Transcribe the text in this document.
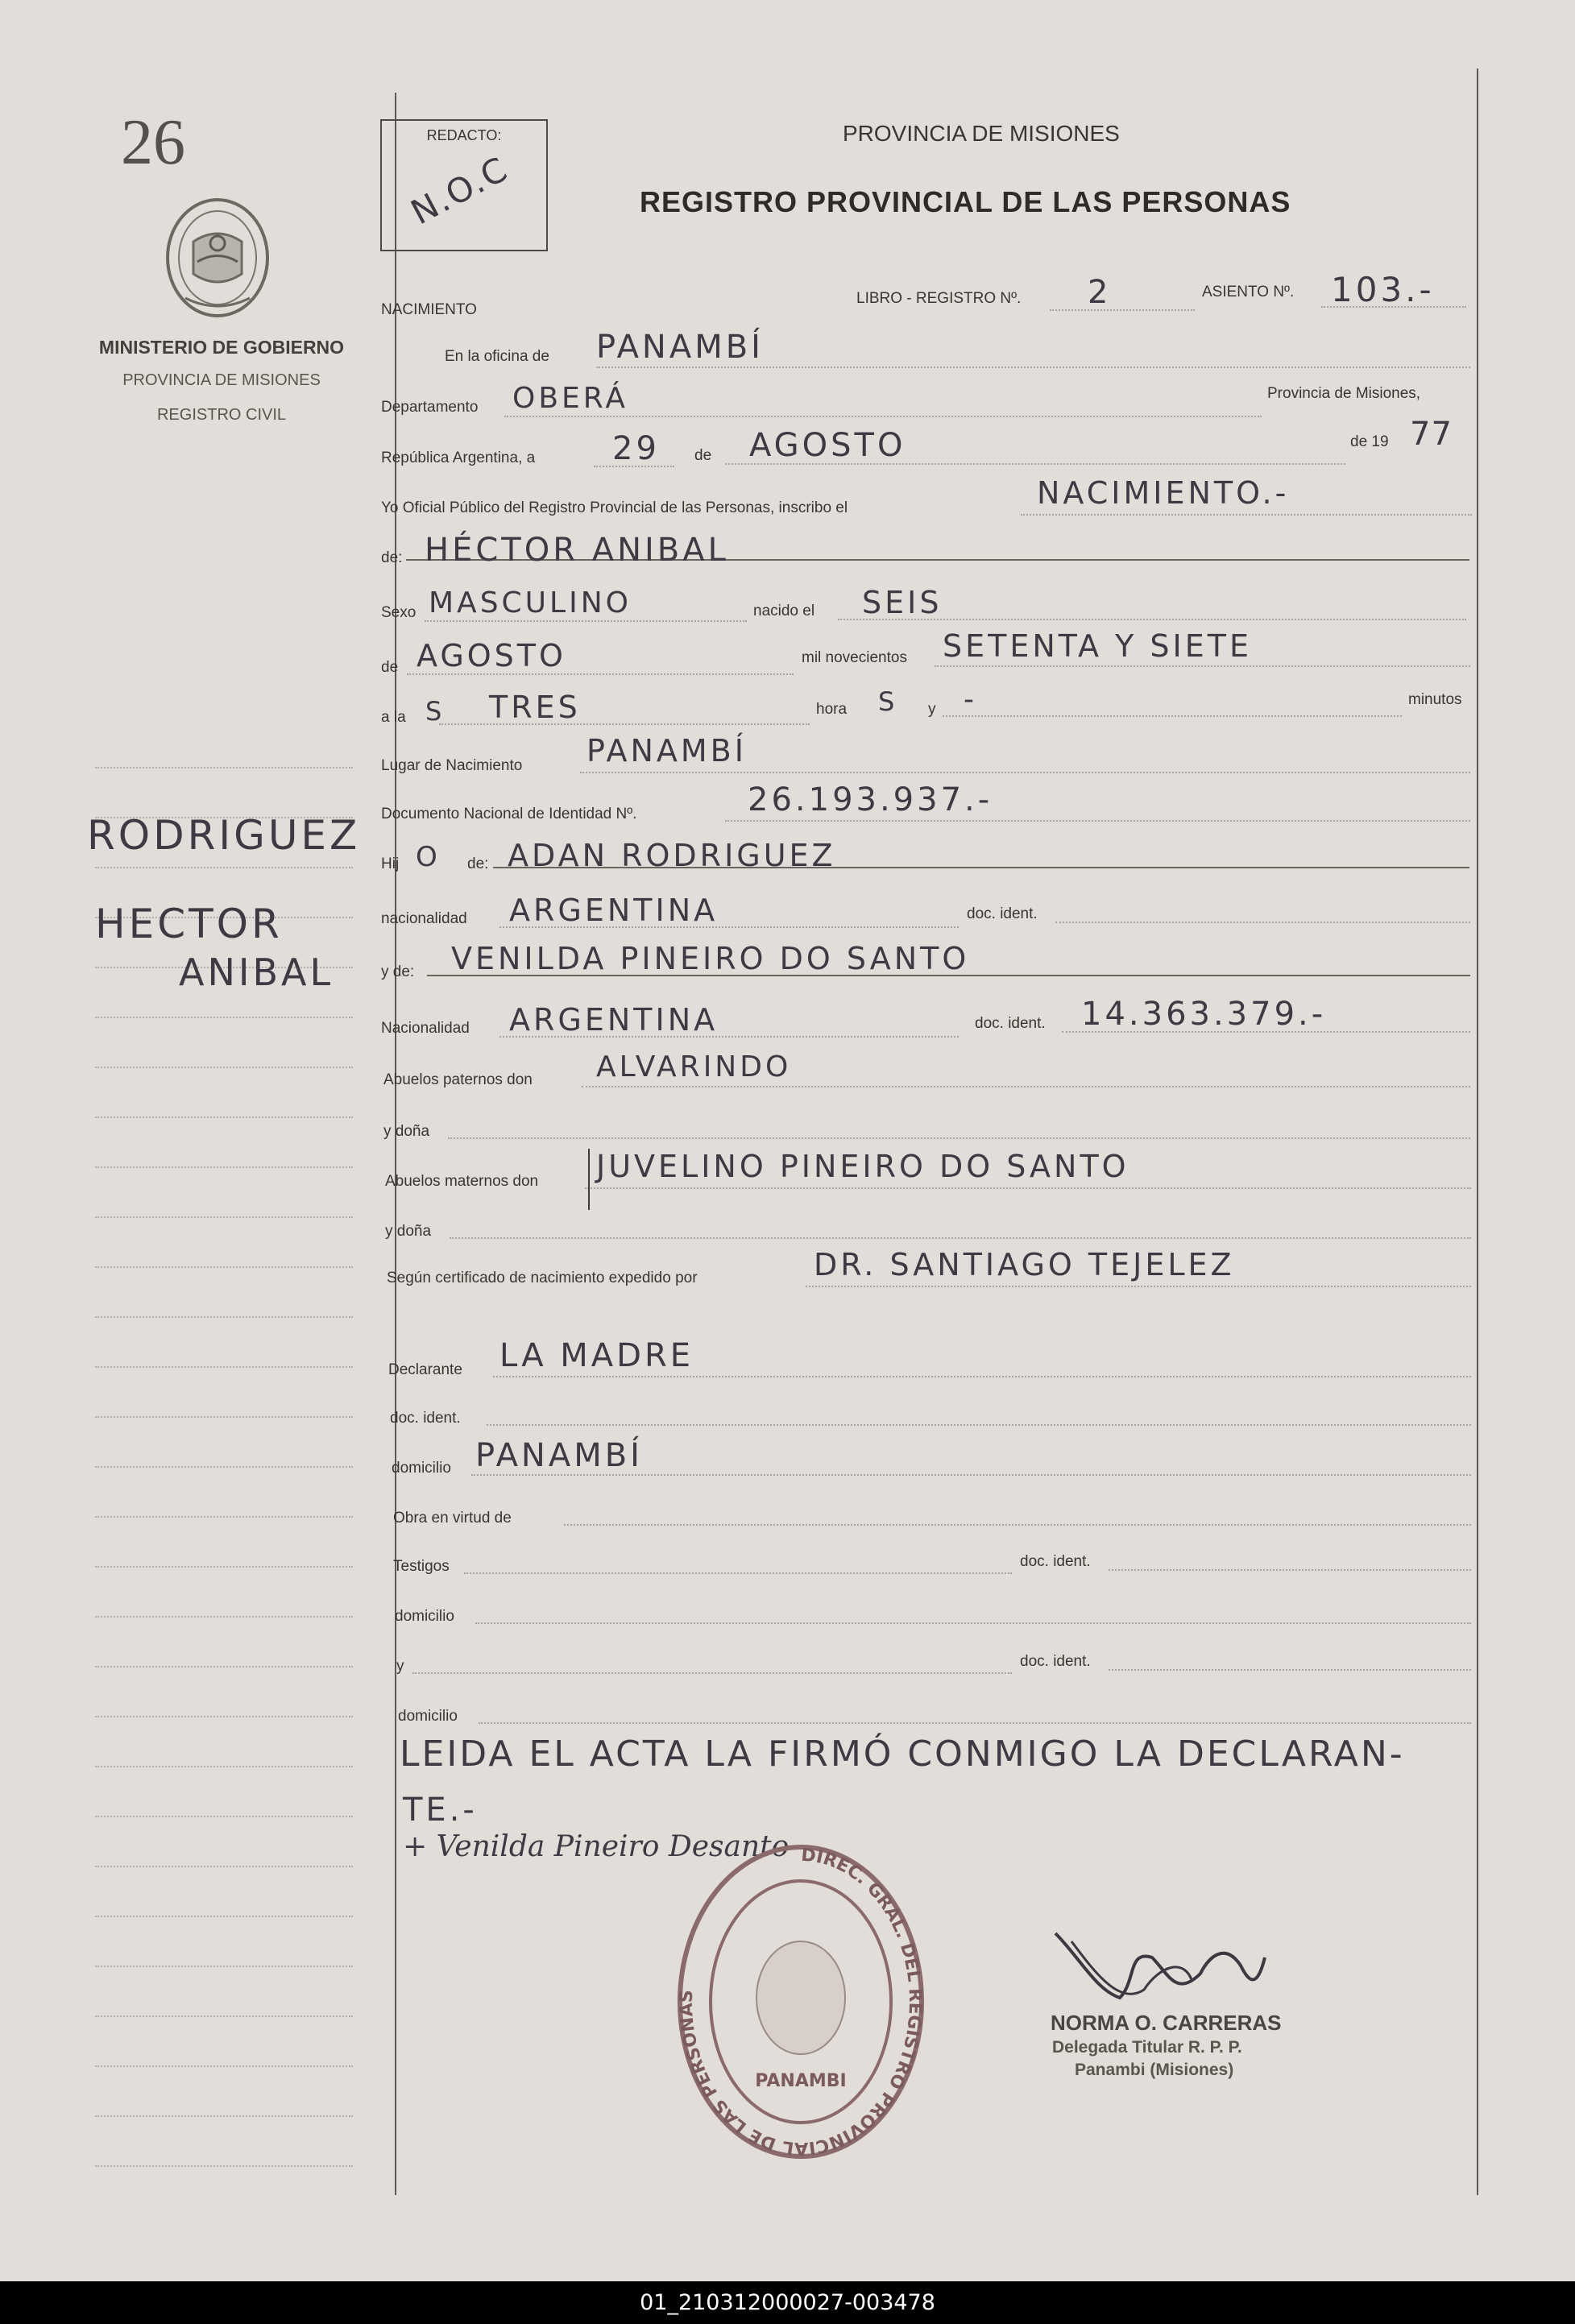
26
MINISTERIO DE GOBIERNO
PROVINCIA DE MISIONES
REGISTRO CIVIL
RODRIGUEZ
HECTOR
ANIBAL
REDACTO:
N.O.C
PROVINCIA DE MISIONES
REGISTRO PROVINCIAL DE LAS PERSONAS
NACIMIENTO
LIBRO - REGISTRO Nº. 2	ASIENTO Nº. 103.-
En la oficina de PANAMBÍ
Departamento OBERÁ	Provincia de Misiones,
República Argentina, a 29 de AGOSTO	de 19 77
Yo Oficial Público del Registro Provincial de las Personas, inscribo el	NACIMIENTO.-
de: HÉCTOR ANIBAL
Sexo MASCULINO	nacido el SEIS
de AGOSTO	mil novecientos SETENTA Y SIETE
a la S TRES	hora S y -	minutos
Lugar de Nacimiento PANAMBÍ
Documento Nacional de Identidad Nº.	26.193.937.-
Hij O de: ADAN RODRIGUEZ
nacionalidad ARGENTINA	doc. ident.
y de: VENILDA PINEIRO DO SANTO
Nacionalidad ARGENTINA	doc. ident. 14.363.379.-
Abuelos paternos don ALVARINDO
y doña
Abuelos maternos don JUVELINO PINEIRO DO SANTO
y doña
Según certificado de nacimiento expedido por	DR. SANTIAGO TEJELEZ
Declarante LA MADRE
doc. ident.
domicilio PANAMBÍ
Obra en virtud de
Testigos	doc. ident.
domicilio
y	doc. ident.
domicilio
LEIDA EL ACTA LA FIRMÓ CONMIGO LA DECLARAN-
TE.-
+ Venilda Pineiro Desanto DIREC. GRAL. DEL REGISTRO PROVINCIAL DE LAS PERSONAS
PANAMBI
NORMA O. CARRERAS
Delegada Titular R. P. P.
Panambi (Misiones)
01_210312000027-003478
